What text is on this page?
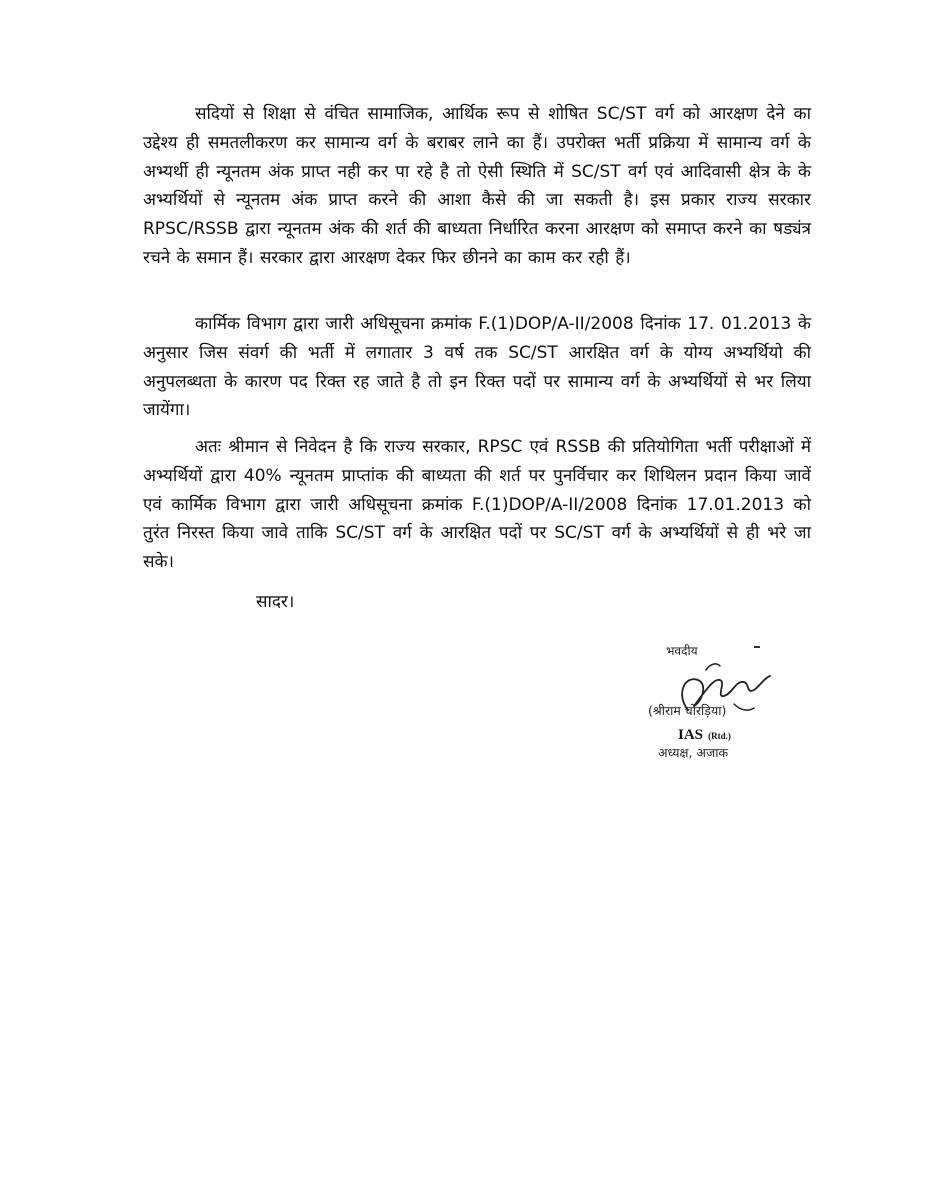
सदियों से शिक्षा से वंचित सामाजिक, आर्थिक रूप से शोषित SC/ST वर्ग को आरक्षण देने का उद्देश्य ही समतलीकरण कर सामान्य वर्ग के बराबर लाने का हैं। उपरोक्त भर्ती प्रक्रिया में सामान्य वर्ग के अभ्यर्थी ही न्यूनतम अंक प्राप्त नही कर पा रहे है तो ऐसी स्थिति में SC/ST वर्ग एवं आदिवासी क्षेत्र के के अभ्यर्थियों से न्यूनतम अंक प्राप्त करने की आशा कैसे की जा सकती है। इस प्रकार राज्य सरकार RPSC/RSSB द्वारा न्यूनतम अंक की शर्त की बाध्यता निर्धारित करना आरक्षण को समाप्त करने का षड्यंत्र रचने के समान हैं। सरकार द्वारा आरक्षण देकर फिर छीनने का काम कर रही हैं।

कार्मिक विभाग द्वारा जारी अधिसूचना क्रमांक F.(1)DOP/A-II/2008 दिनांक 17. 01.2013 के अनुसार जिस संवर्ग की भर्ती में लगातार 3 वर्ष तक SC/ST आरक्षित वर्ग के योग्य अभ्यर्थियो की अनुपलब्धता के कारण पद रिक्त रह जाते है तो इन रिक्त पदों पर सामान्य वर्ग के अभ्यर्थियों से भर लिया जायेंगा।

अतः श्रीमान से निवेदन है कि राज्य सरकार, RPSC एवं RSSB की प्रतियोगिता भर्ती परीक्षाओं में अभ्यर्थियों द्वारा 40% न्यूनतम प्राप्तांक की बाध्यता की शर्त पर पुनर्विचार कर शिथिलन प्रदान किया जावें एवं कार्मिक विभाग द्वारा जारी अधिसूचना क्रमांक F.(1)DOP/A-II/2008 दिनांक 17.01.2013 को तुरंत निरस्त किया जावे ताकि SC/ST वर्ग के आरक्षित पदों पर SC/ST वर्ग के अभ्यर्थियों से ही भरे जा सके।

सादर।

भवदीय
(श्रीराम चोरड़िया)
IAS (Rtd.)
अध्यक्ष, अजाक
